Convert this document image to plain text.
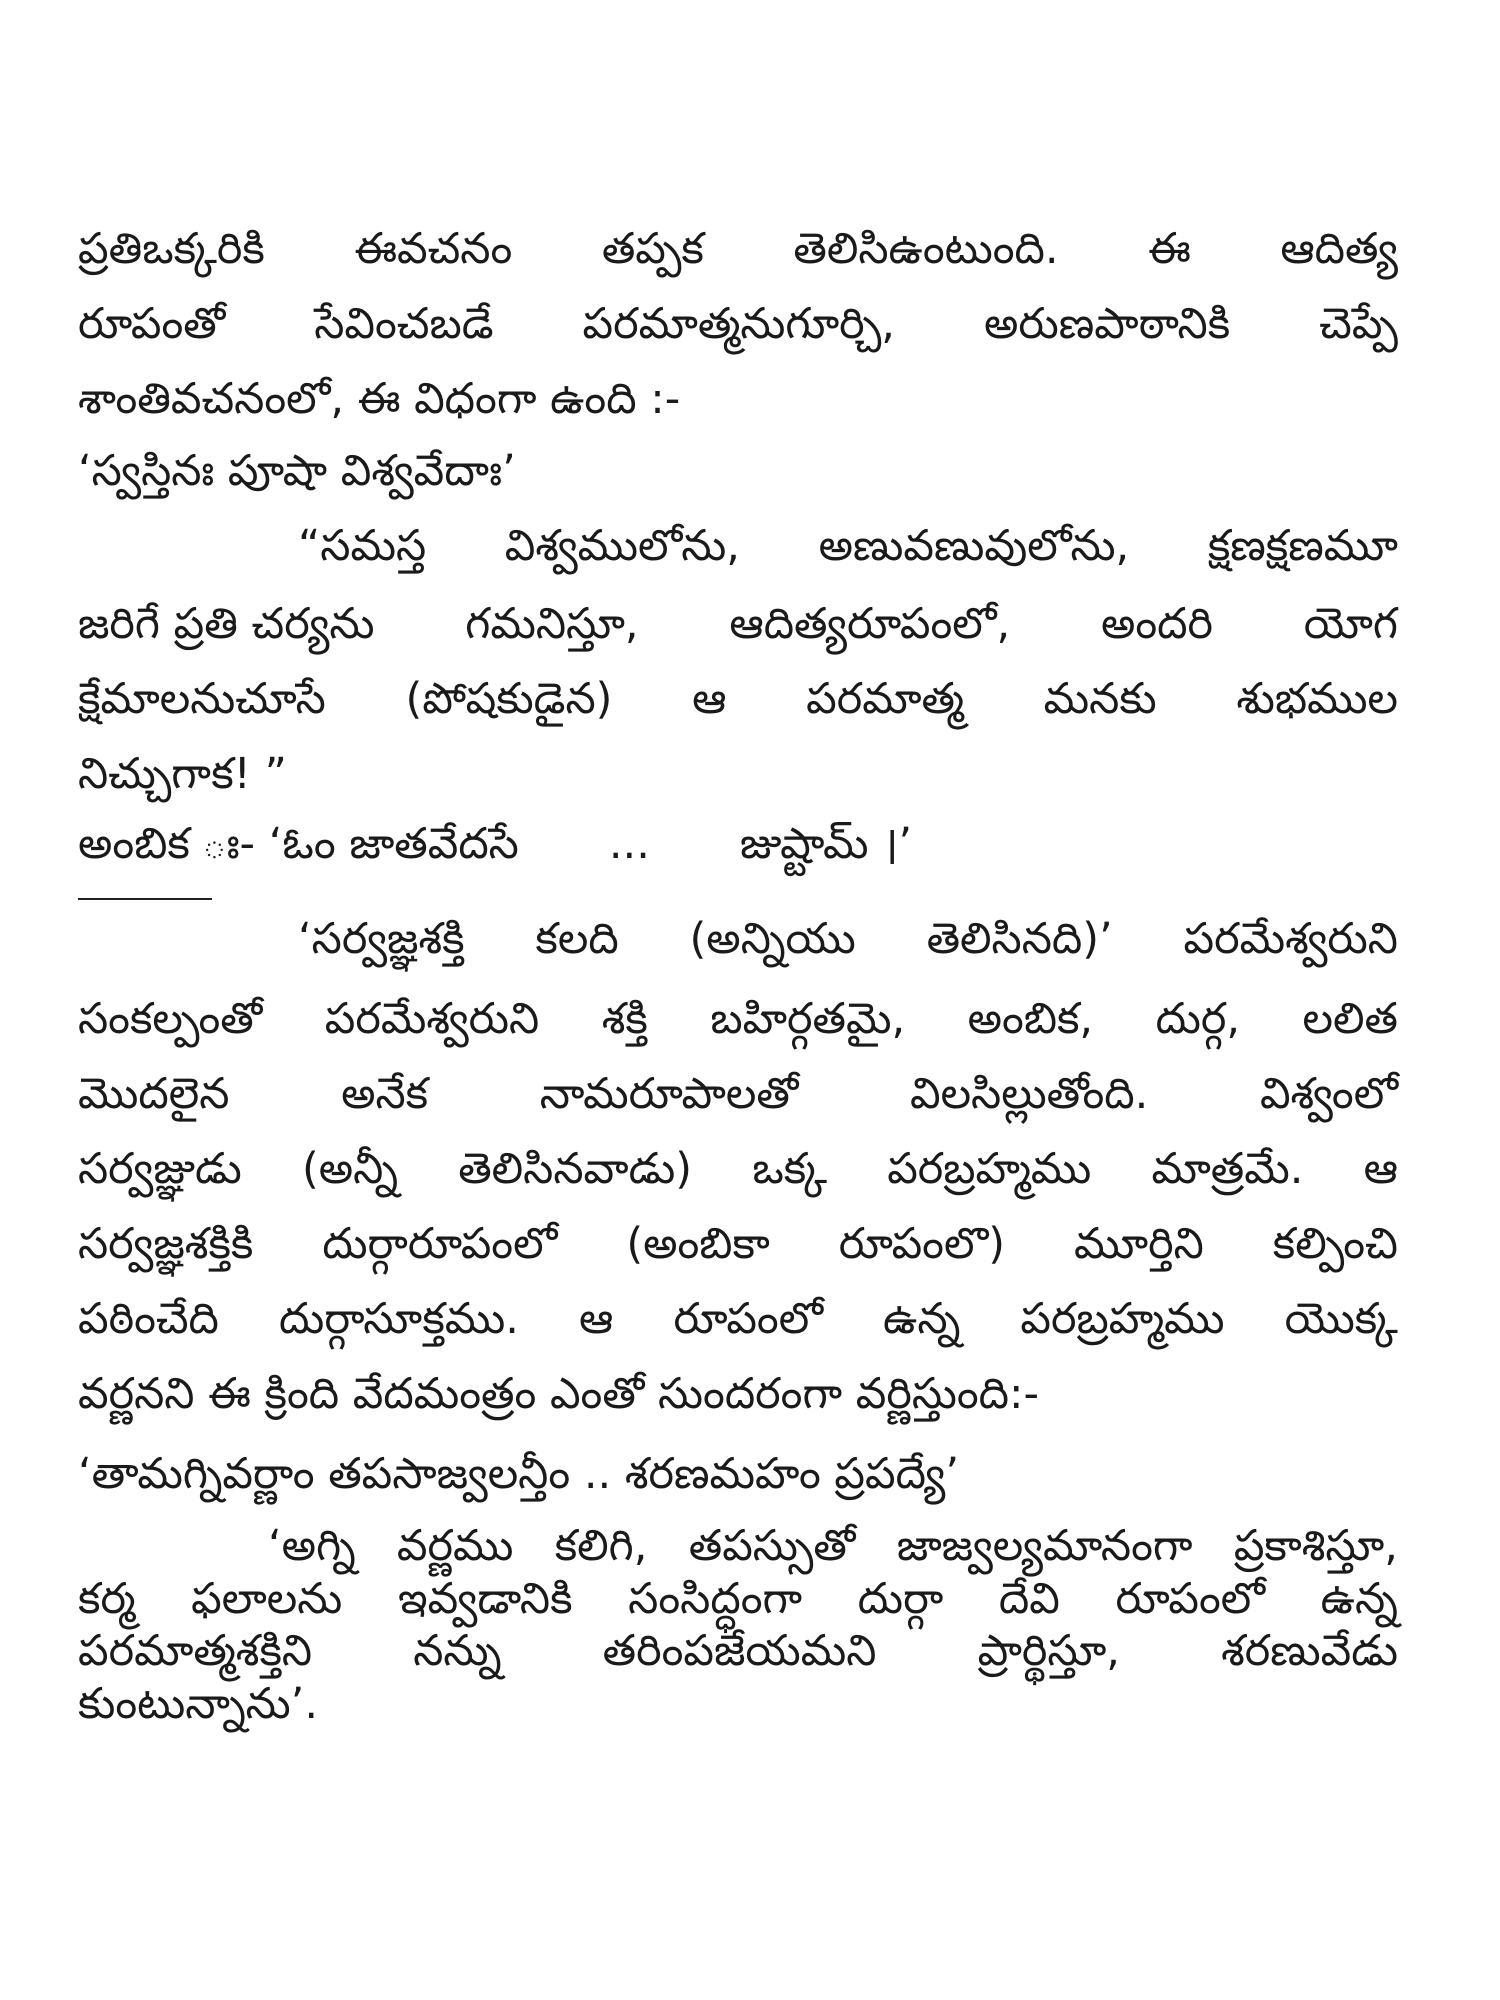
ప్రతిఒక్కరికి ఈవచనం తప్పక తెలిసిఉంటుంది. ఈ ఆదిత్య
రూపంతో సేవించబడే పరమాత్మనుగూర్చి, అరుణపాఠానికి చెప్పే
శాంతివచనంలో, ఈ విధంగా ఉంది :-
‘స్వస్తినః పూషా విశ్వవేదాః’
“సమస్త విశ్వములోను, అణువణువులోను, క్షణక్షణమూ
జరిగే ప్రతి చర్యను గమనిస్తూ, ఆదిత్యరూపంలో, అందరి యోగ
క్షేమాలనుచూసే (పోషకుడైన) ఆ పరమాత్మ మనకు శుభముల
నిచ్చుగాక! ”
అంబిక ః- ‘ఓం జాతవేదసే ... జుష్టామ్ ।’
‘సర్వజ్ఞశక్తి కలది (అన్నియు తెలిసినది)’ పరమేశ్వరుని
సంకల్పంతో పరమేశ్వరుని శక్తి బహిర్గతమై, అంబిక, దుర్గ, లలిత
మొదలైన	అనేక	నామరూపాలతో	విలసిల్లుతోంది.	విశ్వంలో
సర్వజ్ఞుడు (అన్నీ తెలిసినవాడు) ఒక్క పరబ్రహ్మము మాత్రమే. ఆ
సర్వజ్ఞశక్తికి దుర్గారూపంలో (అంబికా రూపంలొ) మూర్తిని కల్పించి
పఠించేది దుర్గాసూక్తము. ఆ రూపంలో ఉన్న పరబ్రహ్మము యొక్క
వర్ణనని ఈ క్రింది వేదమంత్రం ఎంతో సుందరంగా వర్ణిస్తుంది:-
‘తామగ్నివర్ణాం తపసాజ్వలన్తీం .. శరణమహం ప్రపద్యే’
‘అగ్ని వర్ణము కలిగి, తపస్సుతో జాజ్వల్యమానంగా ప్రకాశిస్తూ,
కర్మ ఫలాలను ఇవ్వడానికి సంసిద్ధంగా దుర్గా దేవి రూపంలో ఉన్న
పరమాత్మశక్తిని నన్ను తరింపజేయమని ప్రార్థిస్తూ, శరణువేడు
కుంటున్నాను’.
